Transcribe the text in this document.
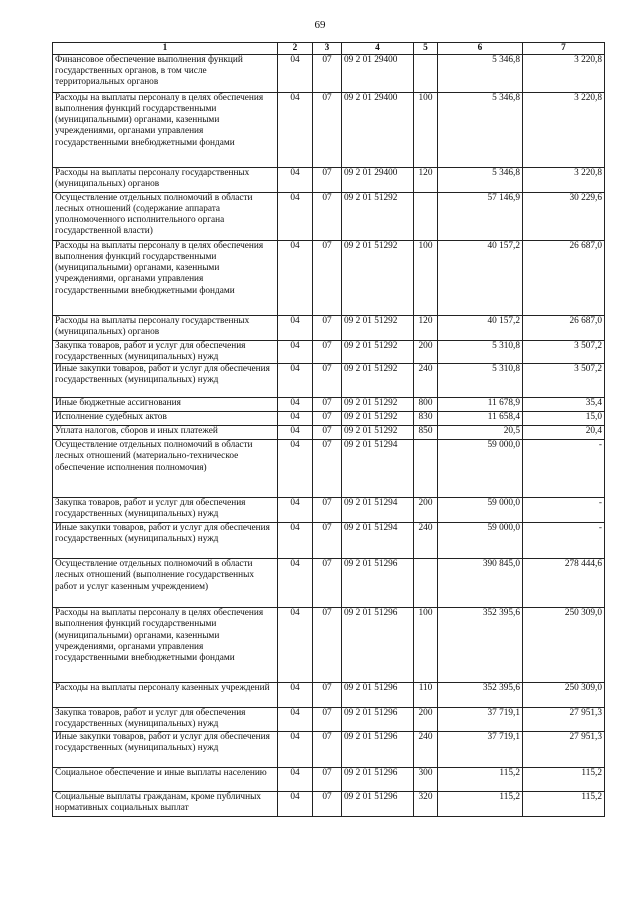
69
1	2	3	4	5	6	7
Финансовое обеспечение выполнения функций государственных органов, в том числе территориальных органов	04	07	09 2 01 29400		5 346,8	3 220,8
Расходы на выплаты персоналу в целях обеспечения выполнения функций государственными (муниципальными) органами, казенными учреждениями, органами управления государственными внебюджетными фондами	04	07	09 2 01 29400	100	5 346,8	3 220,8
Расходы на выплаты персоналу государственных (муниципальных) органов	04	07	09 2 01 29400	120	5 346,8	3 220,8
Осуществление отдельных полномочий в области лесных отношений (содержание аппарата уполномоченного исполнительного органа государственной власти)	04	07	09 2 01 51292		57 146,9	30 229,6
Расходы на выплаты персоналу в целях обеспечения выполнения функций государственными (муниципальными) органами, казенными учреждениями, органами управления государственными внебюджетными фондами	04	07	09 2 01 51292	100	40 157,2	26 687,0
Расходы на выплаты персоналу государственных (муниципальных) органов	04	07	09 2 01 51292	120	40 157,2	26 687,0
Закупка товаров, работ и услуг для обеспечения государственных (муниципальных) нужд	04	07	09 2 01 51292	200	5 310,8	3 507,2
Иные закупки товаров, работ и услуг для обеспечения государственных (муниципальных) нужд	04	07	09 2 01 51292	240	5 310,8	3 507,2
Иные бюджетные ассигнования	04	07	09 2 01 51292	800	11 678,9	35,4
Исполнение судебных актов	04	07	09 2 01 51292	830	11 658,4	15,0
Уплата налогов, сборов и иных платежей	04	07	09 2 01 51292	850	20,5	20,4
Осуществление отдельных полномочий в области лесных отношений (материально-техническое обеспечение исполнения полномочия)	04	07	09 2 01 51294		59 000,0	-
Закупка товаров, работ и услуг для обеспечения государственных (муниципальных) нужд	04	07	09 2 01 51294	200	59 000,0	-
Иные закупки товаров, работ и услуг для обеспечения государственных (муниципальных) нужд	04	07	09 2 01 51294	240	59 000,0	-
Осуществление отдельных полномочий в области лесных отношений (выполнение государственных работ и услуг казенным учреждением)	04	07	09 2 01 51296		390 845,0	278 444,6
Расходы на выплаты персоналу в целях обеспечения выполнения функций государственными (муниципальными) органами, казенными учреждениями, органами управления государственными внебюджетными фондами	04	07	09 2 01 51296	100	352 395,6	250 309,0
Расходы на выплаты персоналу казенных учреждений	04	07	09 2 01 51296	110	352 395,6	250 309,0
Закупка товаров, работ и услуг для обеспечения государственных (муниципальных) нужд	04	07	09 2 01 51296	200	37 719,1	27 951,3
Иные закупки товаров, работ и услуг для обеспечения государственных (муниципальных) нужд	04	07	09 2 01 51296	240	37 719,1	27 951,3
Социальное обеспечение и иные выплаты населению	04	07	09 2 01 51296	300	115,2	115,2
Социальные выплаты гражданам, кроме публичных нормативных социальных выплат	04	07	09 2 01 51296	320	115,2	115,2
